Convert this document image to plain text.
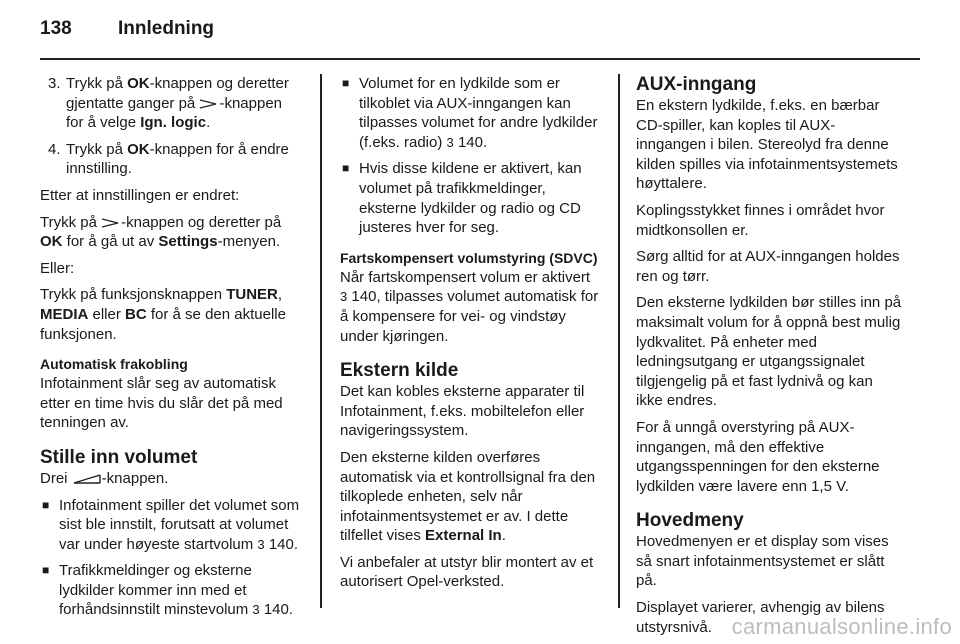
138 Innledning
3. Trykk på OK-knappen og deretter gjentatte ganger på -knappen for å velge Ign. logic.
4. Trykk på OK-knappen for å endre innstilling.

Etter at innstillingen er endret:

Trykk på -knappen og deretter på OK for å gå ut av Settings-menyen.

Eller:

Trykk på funksjonsknappen TUNER, MEDIA eller BC for å se den aktuelle funksjonen.

Automatisk frakobling

Infotainment slår seg av automatisk etter en time hvis du slår det på med tenningen av.

Stille inn volumet

Drei -knappen.

■ Infotainment spiller det volumet som sist ble innstilt, forutsatt at volumet var under høyeste startvolum 3 140.
■ Trafikkmeldinger og eksterne lydkilder kommer inn med et forhåndsinnstilt minstevolum 3 140.
■ Volumet for en lydkilde som er tilkoblet via AUX-inngangen kan tilpasses volumet for andre lydkilder (f.eks. radio) 3 140.
■ Hvis disse kildene er aktivert, kan volumet på trafikkmeldinger, eksterne lydkilder og radio og CD justeres hver for seg.
Fartskompensert volumstyring (SDVC)

Når fartskompensert volum er aktivert
3 140, tilpasses volumet automatisk for å kompensere for vei- og vindstøy under kjøringen.

Ekstern kilde

Det kan kobles eksterne apparater til Infotainment, f.eks. mobiltelefon eller navigeringssystem.

Den eksterne kilden overføres automatisk via et kontrollsignal fra den tilkoplede enheten, selv når infotainmentsystemet er av. I dette tilfellet vises External In.

Vi anbefaler at utstyr blir montert av et autorisert Opel-verksted.

AUX-inngang

En ekstern lydkilde, f.eks. en bærbar CD-spiller, kan koples til AUX-inngangen i bilen. Stereolyd fra denne kilden spilles via infotainmentsystemets høyttalere.

Koplingsstykket finnes i området hvor midtkonsollen er.

Sørg alltid for at AUX-inngangen holdes ren og tørr.

Den eksterne lydkilden bør stilles inn på maksimalt volum for å oppnå best mulig lydkvalitet. På enheter med ledningsutgang er utgangssignalet tilgjengelig på et fast lydnivå og kan ikke endres.

For å unngå overstyring på AUX-inngangen, må den effektive utgangsspenningen for den eksterne lydkilden være lavere enn 1,5 V.

Hovedmeny

Hovedmenyen er et display som vises så snart infotainmentsystemet er slått på.

Displayet varierer, avhengig av bilens utstyrsnivå. carmanualsonline.info
